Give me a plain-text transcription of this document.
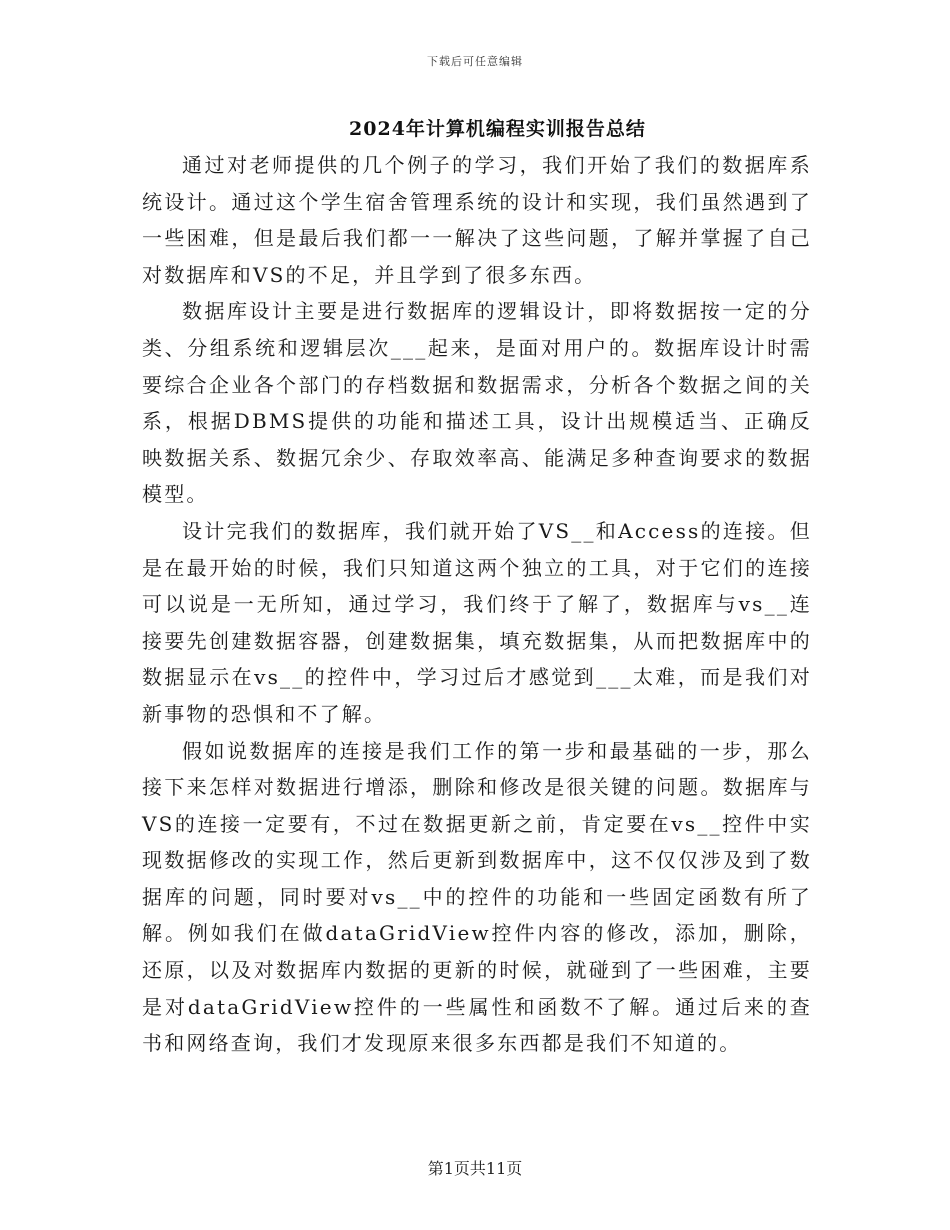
下载后可任意编辑
2024年计算机编程实训报告总结

通过对老师提供的几个例子的学习，我们开始了我们的数据库系统设计。通过这个学生宿舍管理系统的设计和实现，我们虽然遇到了一些困难，但是最后我们都一一解决了这些问题，了解并掌握了自己对数据库和VS的不足，并且学到了很多东西。

数据库设计主要是进行数据库的逻辑设计，即将数据按一定的分类、分组系统和逻辑层次___起来，是面对用户的。数据库设计时需要综合企业各个部门的存档数据和数据需求，分析各个数据之间的关系，根据DBMS提供的功能和描述工具，设计出规模适当、正确反映数据关系、数据冗余少、存取效率高、能满足多种查询要求的数据模型。

设计完我们的数据库，我们就开始了VS__和Access的连接。但是在最开始的时候，我们只知道这两个独立的工具，对于它们的连接可以说是一无所知，通过学习，我们终于了解了，数据库与vs__连接要先创建数据容器，创建数据集，填充数据集，从而把数据库中的数据显示在vs__的控件中，学习过后才感觉到___太难，而是我们对新事物的恐惧和不了解。

假如说数据库的连接是我们工作的第一步和最基础的一步，那么接下来怎样对数据进行增添，删除和修改是很关键的问题。数据库与VS的连接一定要有，不过在数据更新之前，肯定要在vs__控件中实现数据修改的实现工作，然后更新到数据库中，这不仅仅涉及到了数据库的问题，同时要对vs__中的控件的功能和一些固定函数有所了解。例如我们在做dataGridView控件内容的修改，添加，删除，还原，以及对数据库内数据的更新的时候，就碰到了一些困难，主要是对dataGridView控件的一些属性和函数不了解。通过后来的查书和网络查询，我们才发现原来很多东西都是我们不知道的。

第1页共11页
